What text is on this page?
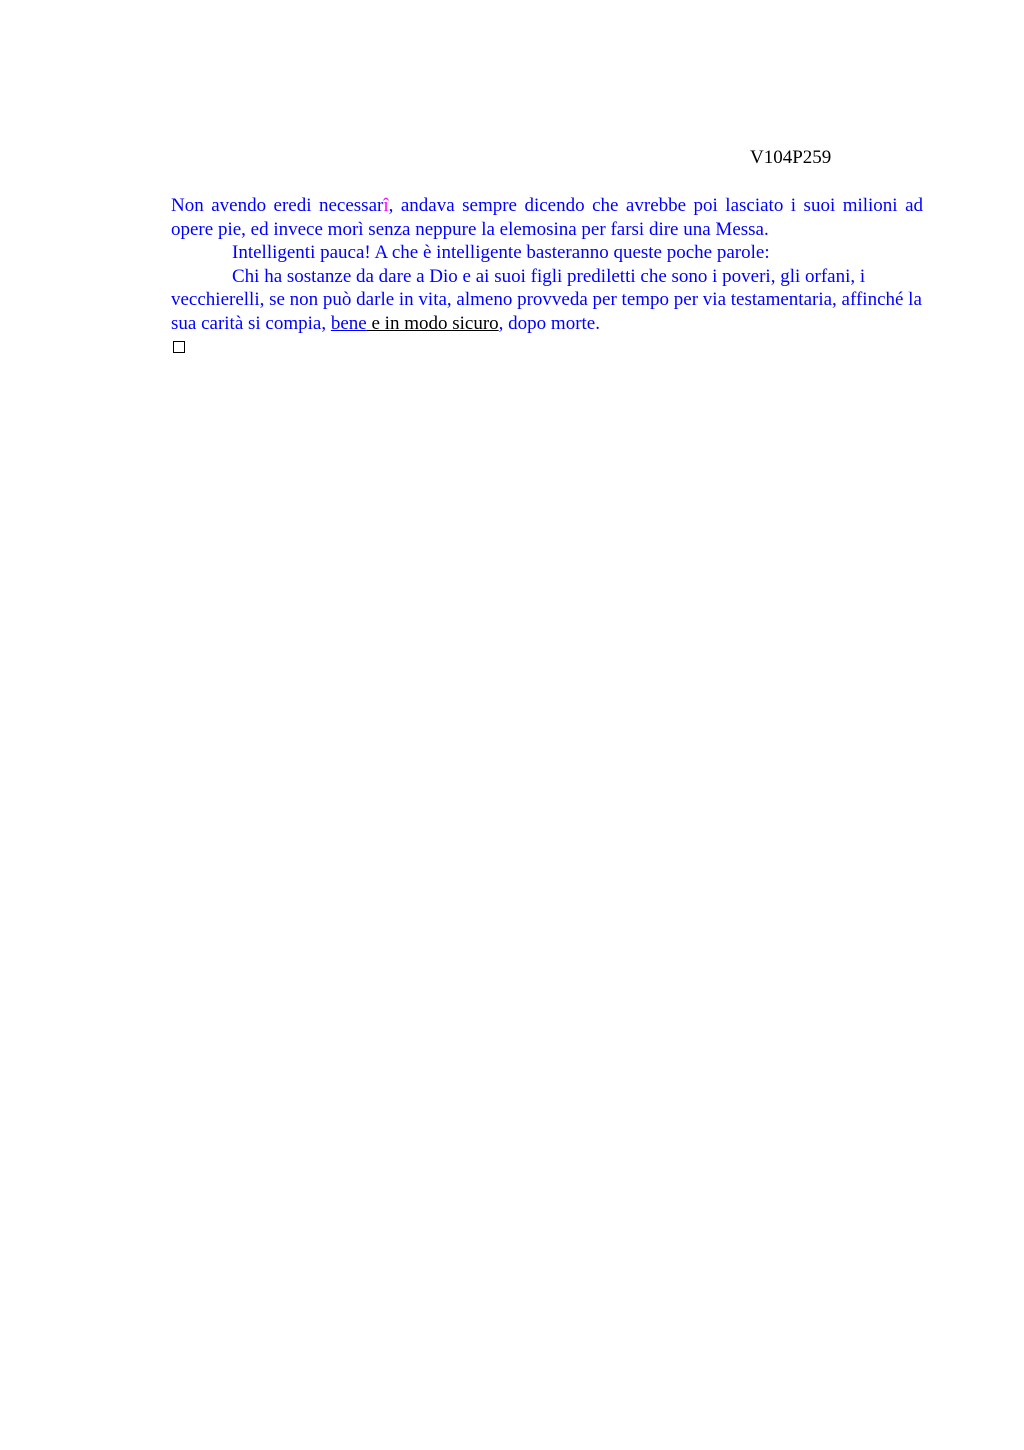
V104P259

Non avendo eredi necessarî, andava sempre dicendo che avrebbe poi lasciato i suoi milioni ad opere pie, ed invece morì senza neppure la elemosina per farsi dire una Messa.

Intelligenti pauca! A che è intelligente basteranno queste poche parole:

Chi ha sostanze da dare a Dio e ai suoi figli prediletti che sono i poveri, gli orfani, i vecchierelli, se non può darle in vita, almeno provveda per tempo per via testamentaria, affinché la sua carità si compia, bene e in modo sicuro, dopo morte.
